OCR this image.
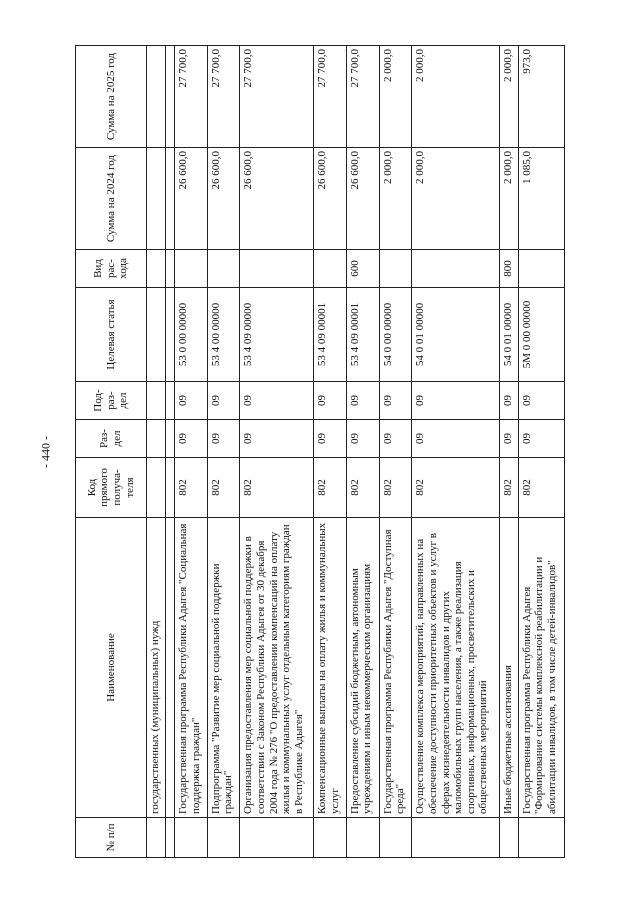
- 440 -
№ п/п	Наименование	Код прямого получа-теля	Раз-дел	Под-раз-дел	Целевая статья	Вид рас-хода	Сумма на 2024 год	Сумма на 2025 год
	государственных (муниципальных) нужд							

	Государственная программа Республики Адыгея "Социальная поддержка граждан"	802	09	09	53 0 00 00000		26 600,0	27 700,0
	Подпрограмма "Развитие мер социальной поддержки граждан"	802	09	09	53 4 00 00000		26 600,0	27 700,0
	Организация предоставления мер социальной поддержки в соответствии с Законом Республики Адыгея от 30 декабря 2004 года № 276 "О предоставлении компенсаций на оплату жилья и коммунальных услуг отдельным категориям граждан в Республике Адыгея"	802	09	09	53 4 09 00000		26 600,0	27 700,0
	Компенсационные выплаты на оплату жилья и коммунальных услуг	802	09	09	53 4 09 00001		26 600,0	27 700,0
	Предоставление субсидий бюджетным, автономным учреждениям и иным некоммерческим организациям	802	09	09	53 4 09 00001	600	26 600,0	27 700,0
	Государственная программа Республики Адыгея "Доступная среда"	802	09	09	54 0 00 00000		2 000,0	2 000,0
	Осуществление комплекса мероприятий, направленных на обеспечение доступности приоритетных объектов и услуг в сферах жизнедеятельности инвалидов и других маломобильных групп населения, а также реализация спортивных, информационных, просветительских и общественных мероприятий	802	09	09	54 0 01 00000		2 000,0	2 000,0
	Иные бюджетные ассигнования	802	09	09	54 0 01 00000	800	2 000,0	2 000,0
	Государственная программа Республики Адыгея "Формирование системы комплексной реабилитации и абилитации инвалидов, в том числе детей-инвалидов"	802	09	09	5М 0 00 00000		1 085,0	973,0
